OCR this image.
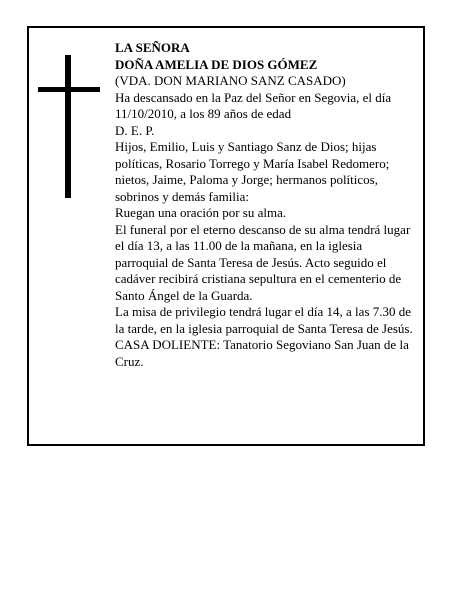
LA SEÑORA

DOÑA AMELIA DE DIOS GÓMEZ

(VDA. DON MARIANO SANZ CASADO)

Ha descansado en la Paz del Señor en Segovia, el día 11/10/2010, a los 89 años de edad

D. E. P.

Hijos, Emilio, Luis y Santiago Sanz de Dios; hijas políticas, Rosario Torrego y María Isabel Redomero; nietos, Jaime, Paloma y Jorge; hermanos políticos, sobrinos y demás familia:

Ruegan una oración por su alma.

El funeral por el eterno descanso de su alma tendrá lugar el día 13, a las 11.00 de la mañana, en la iglesia parroquial de Santa Teresa de Jesús. Acto seguido el cadáver recibirá cristiana sepultura en el cementerio de Santo Ángel de la Guarda.

La misa de privilegio tendrá lugar el día 14, a las 7.30 de la tarde, en la iglesia parroquial de Santa Teresa de Jesús.

CASA DOLIENTE: Tanatorio Segoviano San Juan de la Cruz.
